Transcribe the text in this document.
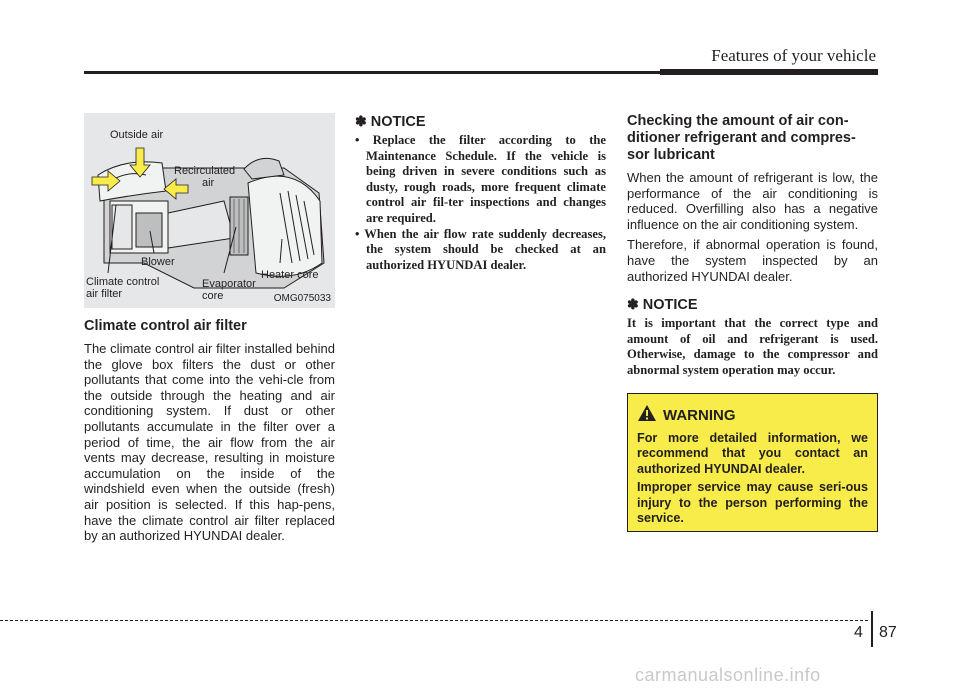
Features of your vehicle
Outside air
Recirculated
air
Blower
Climate control
air filter
Evaporator
core
Heater core
OMG075033
Climate control air filter

The climate control air filter installed behind the glove box filters the dust or other pollutants that come into the vehi-cle from the outside through the heating and air conditioning system. If dust or other pollutants accumulate in the filter over a period of time, the air flow from the air vents may decrease, resulting in moisture accumulation on the inside of the windshield even when the outside (fresh) air position is selected. If this hap-pens, have the climate control air filter replaced by an authorized HYUNDAI dealer.

✽ NOTICE
• Replace the filter according to the Maintenance Schedule. If the vehicle is being driven in severe conditions such as dusty, rough roads, more frequent climate control air fil-ter inspections and changes are required.
• When the air flow rate suddenly decreases, the system should be checked at an authorized HYUNDAI dealer.
Checking the amount of air con-ditioner refrigerant and compres-sor lubricant

When the amount of refrigerant is low, the performance of the air conditioning is reduced. Overfilling also has a negative influence on the air conditioning system.

Therefore, if abnormal operation is found, have the system inspected by an authorized HYUNDAI dealer.

✽ NOTICE

It is important that the correct type and amount of oil and refrigerant is used. Otherwise, damage to the compressor and abnormal system operation may occur.

WARNING

For more detailed information, we recommend that you contact an authorized HYUNDAI dealer.

Improper service may cause seri-ous injury to the person performing the service.

4 87
carmanualsonline.info
